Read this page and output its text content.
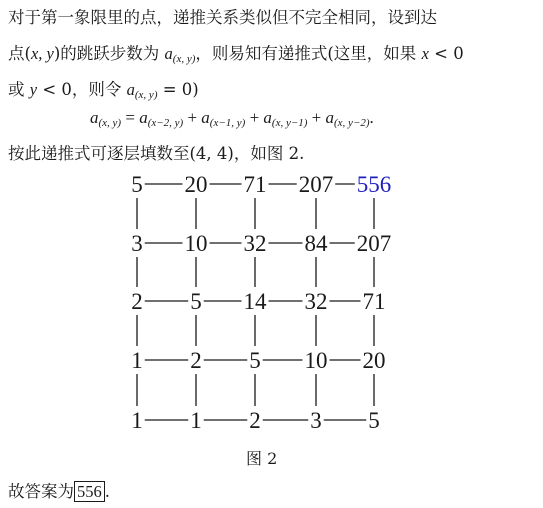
对于第一象限里的点，递推关系类似但不完全相同，设到达
点(x, y)的跳跃步数为 $a_{(x, y)}$，则易知有递推式(这里，如果 x < 0
或 y < 0，则令 $a_{(x, y)} = 0$)
$a_{(x, y)} = a_{(x-2, y)} + a_{(x-1, y)} + a_{(x, y-1)} + a_{(x, y-2)}$.
按此递推式可逐层填数至(4, 4)，如图 2.
5 20 71 207 556
3 10 32 84 207
2 5 14 32 71
1 2 5 10 20
1 1 2 3 5
图 2
故答案为 556 .
